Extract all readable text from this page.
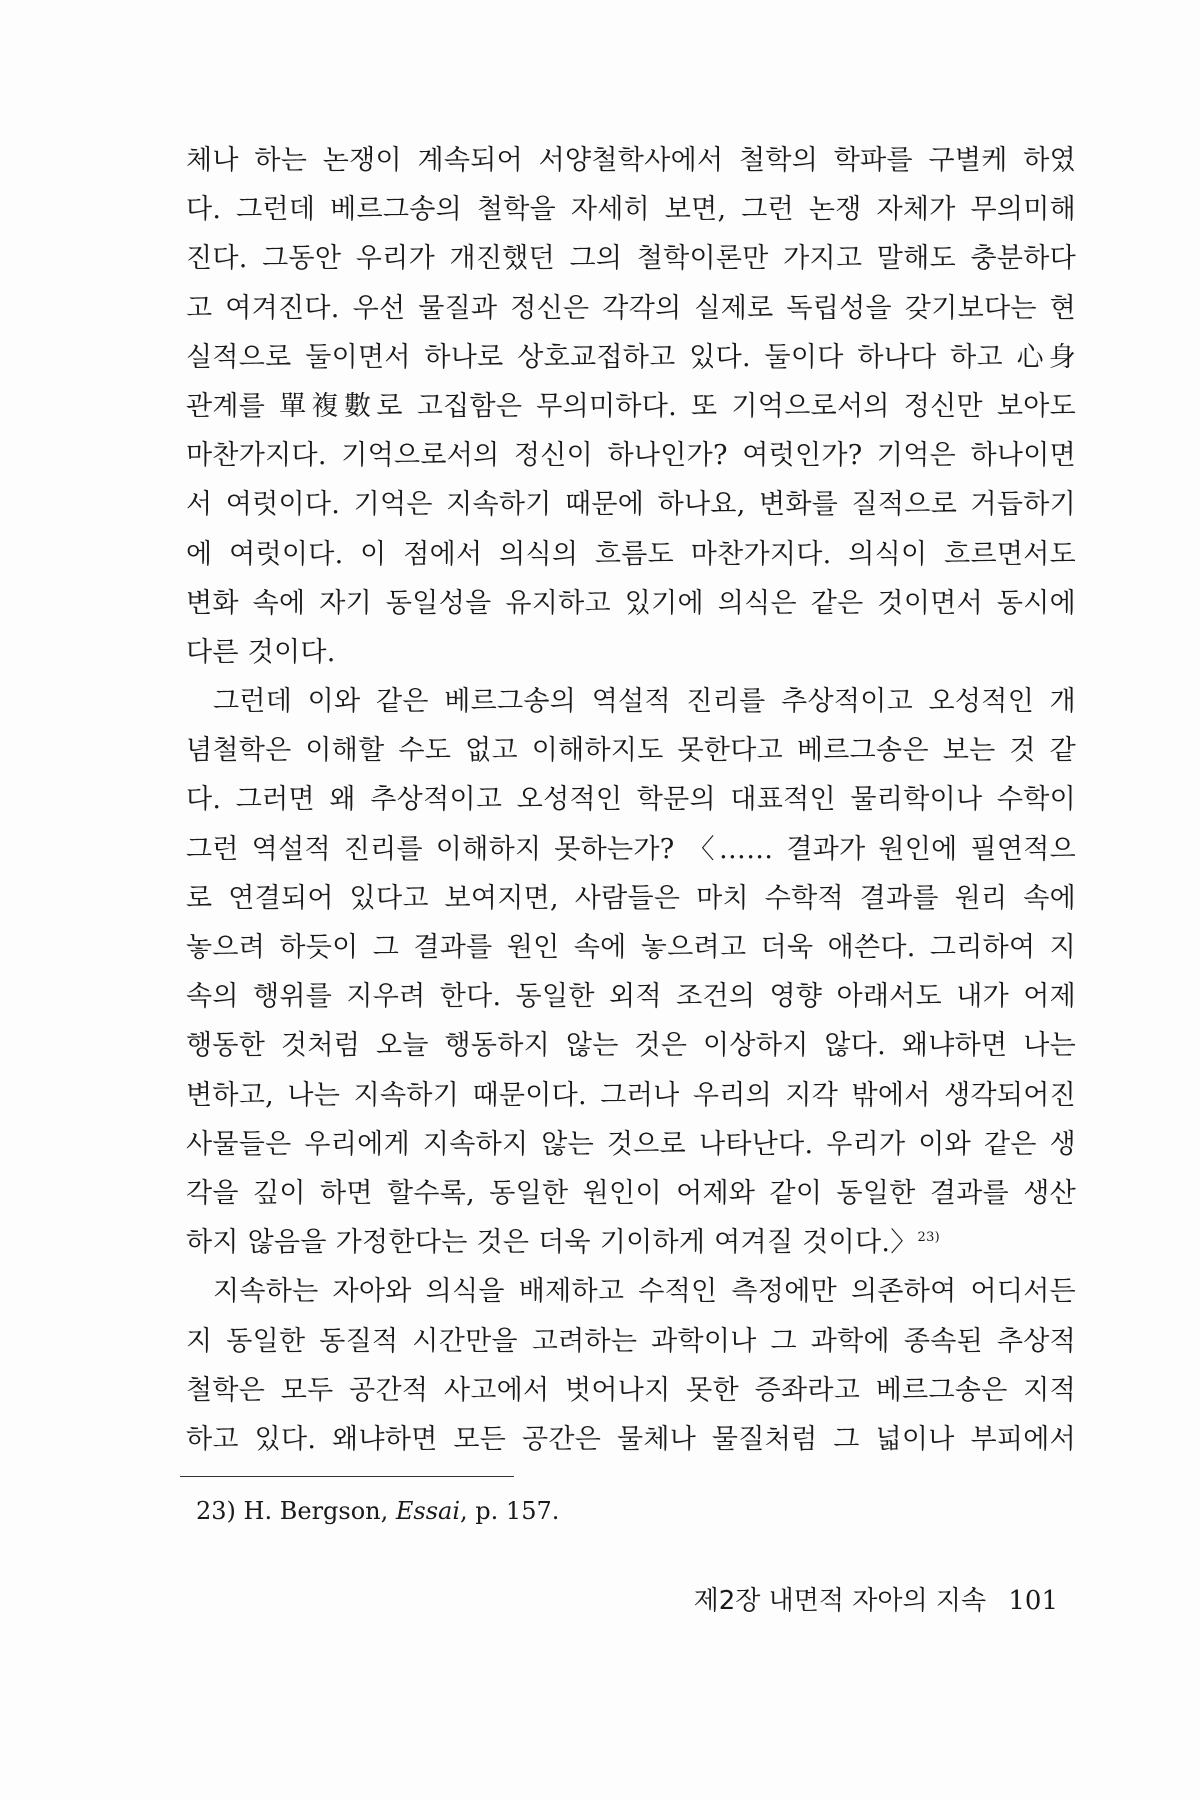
체나 하는 논쟁이 계속되어 서양철학사에서 철학의 학파를 구별케 하였
다. 그런데 베르그송의 철학을 자세히 보면, 그런 논쟁 자체가 무의미해
진다. 그동안 우리가 개진했던 그의 철학이론만 가지고 말해도 충분하다
고 여겨진다. 우선 물질과 정신은 각각의 실제로 독립성을 갖기보다는 현
실적으로 둘이면서 하나로 상호교접하고 있다. 둘이다 하나다 하고 心身
관계를 單複數로 고집함은 무의미하다. 또 기억으로서의 정신만 보아도
마찬가지다. 기억으로서의 정신이 하나인가? 여럿인가? 기억은 하나이면
서 여럿이다. 기억은 지속하기 때문에 하나요, 변화를 질적으로 거듭하기
에 여럿이다. 이 점에서 의식의 흐름도 마찬가지다. 의식이 흐르면서도
변화 속에 자기 동일성을 유지하고 있기에 의식은 같은 것이면서 동시에
다른 것이다.
그런데 이와 같은 베르그송의 역설적 진리를 추상적이고 오성적인 개
념철학은 이해할 수도 없고 이해하지도 못한다고 베르그송은 보는 것 같
다. 그러면 왜 추상적이고 오성적인 학문의 대표적인 물리학이나 수학이
그런 역설적 진리를 이해하지 못하는가? 〈…… 결과가 원인에 필연적으
로 연결되어 있다고 보여지면, 사람들은 마치 수학적 결과를 원리 속에
놓으려 하듯이 그 결과를 원인 속에 놓으려고 더욱 애쓴다. 그리하여 지
속의 행위를 지우려 한다. 동일한 외적 조건의 영향 아래서도 내가 어제
행동한 것처럼 오늘 행동하지 않는 것은 이상하지 않다. 왜냐하면 나는
변하고, 나는 지속하기 때문이다. 그러나 우리의 지각 밖에서 생각되어진
사물들은 우리에게 지속하지 않는 것으로 나타난다. 우리가 이와 같은 생
각을 깊이 하면 할수록, 동일한 원인이 어제와 같이 동일한 결과를 생산
하지 않음을 가정한다는 것은 더욱 기이하게 여겨질 것이다.〉$^{23)}$
지속하는 자아와 의식을 배제하고 수적인 측정에만 의존하여 어디서든
지 동일한 동질적 시간만을 고려하는 과학이나 그 과학에 종속된 추상적
철학은 모두 공간적 사고에서 벗어나지 못한 증좌라고 베르그송은 지적
하고 있다. 왜냐하면 모든 공간은 물체나 물질처럼 그 넓이나 부피에서
23) H. Bergson, Essai, p. 157.
제2장 내면적 자아의 지속 101
